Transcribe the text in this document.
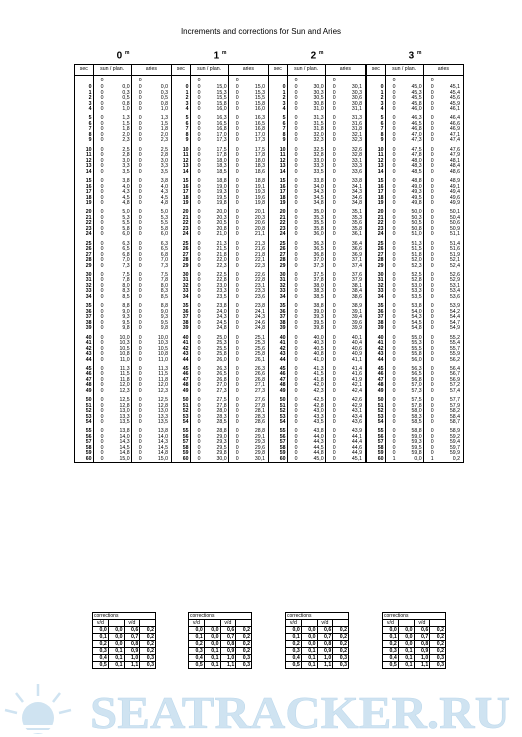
Increments and corrections for Sun and Aries
0 $^m$
sec	sun / plan.		aries	
	o		o	
0	0	0,0	0	0,0
1	0	0,3	0	0,3
2	0	0,5	0	0,5
3	0	0,8	0	0,8
4	0	1,0	0	1,0

5	0	1,3	0	1,3
6	0	1,5	0	1,5
7	0	1,8	0	1,8
8	0	2,0	0	2,0
9	0	2,3	0	2,3

10	0	2,5	0	2,5
11	0	2,8	0	2,8
12	0	3,0	0	3,0
13	0	3,3	0	3,3
14	0	3,5	0	3,5

15	0	3,8	0	3,8
16	0	4,0	0	4,0
17	0	4,3	0	4,3
18	0	4,5	0	4,5
19	0	4,8	0	4,8

20	0	5,0	0	5,0
21	0	5,3	0	5,3
22	0	5,5	0	5,5
23	0	5,8	0	5,8
24	0	6,0	0	6,0

25	0	6,3	0	6,3
26	0	6,5	0	6,5
27	0	6,8	0	6,8
28	0	7,0	0	7,0
29	0	7,3	0	7,3

30	0	7,5	0	7,5
31	0	7,8	0	7,8
32	0	8,0	0	8,0
33	0	8,3	0	8,3
34	0	8,5	0	8,5

35	0	8,8	0	8,8
36	0	9,0	0	9,0
37	0	9,3	0	9,3
38	0	9,5	0	9,5
39	0	9,8	0	9,8

40	0	10,0	0	10,0
41	0	10,3	0	10,3
42	0	10,5	0	10,5
43	0	10,8	0	10,8
44	0	11,0	0	11,0

45	0	11,3	0	11,3
46	0	11,5	0	11,5
47	0	11,8	0	11,8
48	0	12,0	0	12,0
49	0	12,3	0	12,3

50	0	12,5	0	12,5
51	0	12,8	0	12,8
52	0	13,0	0	13,0
53	0	13,3	0	13,3
54	0	13,5	0	13,5

55	0	13,8	0	13,8
56	0	14,0	0	14,0
57	0	14,3	0	14,3
58	0	14,5	0	14,5
59	0	14,8	0	14,8
60	0	15,0	0	15,0
1 $^m$
sec	sun / plan.		aries	
	o		o	
0	0	15,0	0	15,0
1	0	15,3	0	15,3
2	0	15,5	0	15,5
3	0	15,8	0	15,8
4	0	16,0	0	16,0

5	0	16,3	0	16,3
6	0	16,5	0	16,5
7	0	16,8	0	16,8
8	0	17,0	0	17,0
9	0	17,3	0	17,3

10	0	17,5	0	17,5
11	0	17,8	0	17,8
12	0	18,0	0	18,0
13	0	18,3	0	18,3
14	0	18,5	0	18,6

15	0	18,8	0	18,8
16	0	19,0	0	19,1
17	0	19,3	0	19,3
18	0	19,5	0	19,6
19	0	19,8	0	19,8

20	0	20,0	0	20,1
21	0	20,3	0	20,3
22	0	20,5	0	20,6
23	0	20,8	0	20,8
24	0	21,0	0	21,1

25	0	21,3	0	21,3
26	0	21,5	0	21,6
27	0	21,8	0	21,8
28	0	22,0	0	22,1
29	0	22,3	0	22,3

30	0	22,5	0	22,6
31	0	22,8	0	22,8
32	0	23,0	0	23,1
33	0	23,3	0	23,3
34	0	23,5	0	23,6

35	0	23,8	0	23,8
36	0	24,0	0	24,1
37	0	24,3	0	24,3
38	0	24,5	0	24,6
39	0	24,8	0	24,8

40	0	25,0	0	25,1
41	0	25,3	0	25,3
42	0	25,5	0	25,6
43	0	25,8	0	25,8
44	0	26,0	0	26,1

45	0	26,3	0	26,3
46	0	26,5	0	26,6
47	0	26,8	0	26,8
48	0	27,0	0	27,1
49	0	27,3	0	27,3

50	0	27,5	0	27,6
51	0	27,8	0	27,8
52	0	28,0	0	28,1
53	0	28,3	0	28,3
54	0	28,5	0	28,6

55	0	28,8	0	28,8
56	0	29,0	0	29,1
57	0	29,3	0	29,3
58	0	29,5	0	29,6
59	0	29,8	0	29,8
60	0	30,0	0	30,1
2 $^m$
sec	sun / plan.		aries	
	o		o	
0	0	30,0	0	30,1
1	0	30,3	0	30,3
2	0	30,5	0	30,6
3	0	30,8	0	30,8
4	0	31,0	0	31,1

5	0	31,3	0	31,3
6	0	31,5	0	31,6
7	0	31,8	0	31,8
8	0	32,0	0	32,1
9	0	32,3	0	32,3

10	0	32,5	0	32,6
11	0	32,8	0	32,8
12	0	33,0	0	33,1
13	0	33,3	0	33,3
14	0	33,5	0	33,6

15	0	33,8	0	33,8
16	0	34,0	0	34,1
17	0	34,3	0	34,3
18	0	34,5	0	34,6
19	0	34,8	0	34,8

20	0	35,0	0	35,1
21	0	35,3	0	35,3
22	0	35,5	0	35,6
23	0	35,8	0	35,8
24	0	36,0	0	36,1

25	0	36,3	0	36,4
26	0	36,5	0	36,6
27	0	36,8	0	36,9
28	0	37,0	0	37,1
29	0	37,3	0	37,4

30	0	37,5	0	37,6
31	0	37,8	0	37,9
32	0	38,0	0	38,1
33	0	38,3	0	38,4
34	0	38,5	0	38,6

35	0	38,8	0	38,9
36	0	39,0	0	39,1
37	0	39,3	0	39,4
38	0	39,5	0	39,6
39	0	39,8	0	39,9

40	0	40,0	0	40,1
41	0	40,3	0	40,4
42	0	40,5	0	40,6
43	0	40,8	0	40,9
44	0	41,0	0	41,1

45	0	41,3	0	41,4
46	0	41,5	0	41,6
47	0	41,8	0	41,9
48	0	42,0	0	42,1
49	0	42,3	0	42,4

50	0	42,5	0	42,6
51	0	42,8	0	42,9
52	0	43,0	0	43,1
53	0	43,3	0	43,4
54	0	43,5	0	43,6

55	0	43,8	0	43,9
56	0	44,0	0	44,1
57	0	44,3	0	44,4
58	0	44,5	0	44,6
59	0	44,8	0	44,9
60	0	45,0	0	45,1
3 $^m$
sec	sun / plan.		aries	
	o		o	
0	0	45,0	0	45,1
1	0	45,3	0	45,4
2	0	45,5	0	45,6
3	0	45,8	0	45,9
4	0	46,0	0	46,1

5	0	46,3	0	46,4
6	0	46,5	0	46,6
7	0	46,8	0	46,9
8	0	47,0	0	47,1
9	0	47,3	0	47,4

10	0	47,5	0	47,6
11	0	47,8	0	47,9
12	0	48,0	0	48,1
13	0	48,3	0	48,4
14	0	48,5	0	48,6

15	0	48,8	0	48,9
16	0	49,0	0	49,1
17	0	49,3	0	49,4
18	0	49,5	0	49,6
19	0	49,8	0	49,9

20	0	50,0	0	50,1
21	0	50,3	0	50,4
22	0	50,5	0	50,6
23	0	50,8	0	50,9
24	0	51,0	0	51,1

25	0	51,3	0	51,4
26	0	51,5	0	51,6
27	0	51,8	0	51,9
28	0	52,0	0	52,1
29	0	52,3	0	52,4

30	0	52,5	0	52,6
31	0	52,8	0	52,9
32	0	53,0	0	53,1
33	0	53,3	0	53,4
34	0	53,5	0	53,6

35	0	53,8	0	53,9
36	0	54,0	0	54,2
37	0	54,3	0	54,4
38	0	54,5	0	54,7
39	0	54,8	0	54,9

40	0	55,0	0	55,2
41	0	55,3	0	55,4
42	0	55,5	0	55,7
43	0	55,8	0	55,9
44	0	56,0	0	56,2

45	0	56,3	0	56,4
46	0	56,5	0	56,7
47	0	56,8	0	56,9
48	0	57,0	0	57,2
49	0	57,3	0	57,4

50	0	57,5	0	57,7
51	0	57,8	0	57,9
52	0	58,0	0	58,2
53	0	58,3	0	58,4
54	0	58,5	0	58,7

55	0	58,8	0	58,9
56	0	59,0	0	59,2
57	0	59,3	0	59,4
58	0	59,5	0	59,7
59	0	59,8	0	59,9
60	1	0,0	1	0,2
corrections			
v/d		v/d	
0,0	0,0	0,6	0,2
0,1	0,0	0,7	0,2
0,2	0,0	0,8	0,2
0,3	0,1	0,9	0,2
0,4	0,1	1,0	0,3
0,5	0,1	1,1	0,3
corrections			
v/d		v/d	
0,0	0,0	0,6	0,2
0,1	0,0	0,7	0,2
0,2	0,0	0,8	0,2
0,3	0,1	0,9	0,2
0,4	0,1	1,0	0,3
0,5	0,1	1,1	0,3
corrections			
v/d		v/d	
0,0	0,0	0,6	0,2
0,1	0,0	0,7	0,2
0,2	0,0	0,8	0,2
0,3	0,1	0,9	0,2
0,4	0,1	1,0	0,3
0,5	0,1	1,1	0,3
corrections			
v/d		v/d	
0,0	0,0	0,6	0,2
0,1	0,0	0,7	0,2
0,2	0,0	0,8	0,2
0,3	0,1	0,9	0,2
0,4	0,1	1,0	0,3
0,5	0,1	1,1	0,3
SEATRACKER.RU
